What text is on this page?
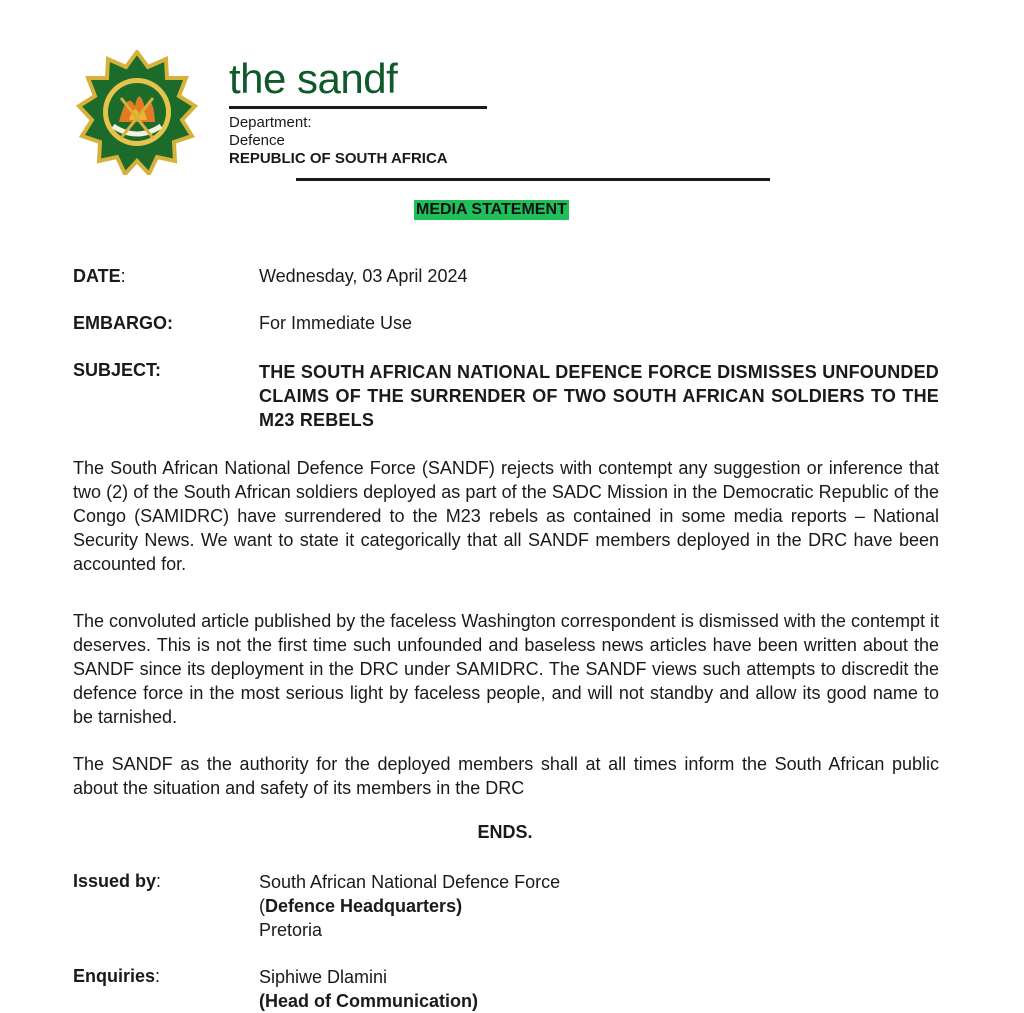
the sandf
Department:
Defence
REPUBLIC OF SOUTH AFRICA
MEDIA STATEMENT
DATE:	Wednesday, 03 April 2024
EMBARGO:	For Immediate Use
SUBJECT:	THE SOUTH AFRICAN NATIONAL DEFENCE FORCE DISMISSES UNFOUNDED CLAIMS OF THE SURRENDER OF TWO SOUTH AFRICAN SOLDIERS TO THE M23 REBELS
The South African National Defence Force (SANDF) rejects with contempt any suggestion or inference that two (2) of the South African soldiers deployed as part of the SADC Mission in the Democratic Republic of the Congo (SAMIDRC) have surrendered to the M23 rebels as contained in some media reports – National Security News. We want to state it categorically that all SANDF members deployed in the DRC have been accounted for.
The convoluted article published by the faceless Washington correspondent is dismissed with the contempt it deserves. This is not the first time such unfounded and baseless news articles have been written about the SANDF since its deployment in the DRC under SAMIDRC. The SANDF views such attempts to discredit the defence force in the most serious light by faceless people, and will not standby and allow its good name to be tarnished.
The SANDF as the authority for the deployed members shall at all times inform the South African public about the situation and safety of its members in the DRC
ENDS.
Issued by:	South African National Defence Force
(Defence Headquarters)
Pretoria
Enquiries:	Siphiwe Dlamini
(Head of Communication)
